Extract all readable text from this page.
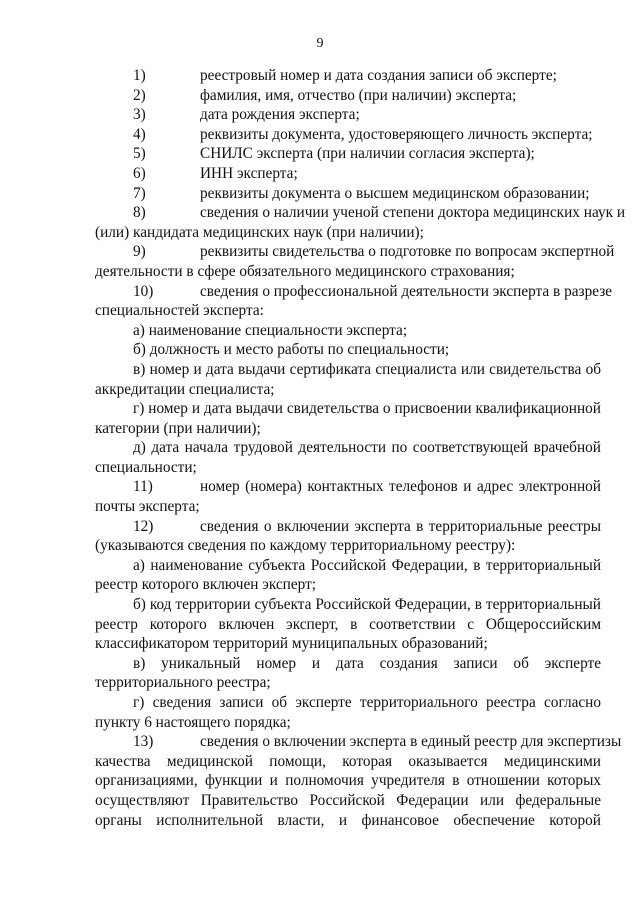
9
1)	реестровый номер и дата создания записи об эксперте;
2)	фамилия, имя, отчество (при наличии) эксперта;
3)	дата рождения эксперта;
4)	реквизиты документа, удостоверяющего личность эксперта;
5)	СНИЛС эксперта (при наличии согласия эксперта);
6)	ИНН эксперта;
7)	реквизиты документа о высшем медицинском образовании;
8)	сведения о наличии ученой степени доктора медицинских наук и
(или) кандидата медицинских наук (при наличии);
9)	реквизиты свидетельства о подготовке по вопросам экспертной
деятельности в сфере обязательного медицинского страхования;
10)	сведения о профессиональной деятельности эксперта в разрезе
специальностей эксперта:
а) наименование специальности эксперта;
б) должность и место работы по специальности;
в) номер и дата выдачи сертификата специалиста или свидетельства об
аккредитации специалиста;
г) номер и дата выдачи свидетельства о присвоении квалификационной
категории (при наличии);
д) дата начала трудовой деятельности по соответствующей врачебной
специальности;
11)	номер (номера) контактных телефонов и адрес электронной
почты эксперта;
12)	сведения о включении эксперта в территориальные реестры
(указываются сведения по каждому территориальному реестру):
а) наименование субъекта Российской Федерации, в территориальный
реестр которого включен эксперт;
б) код территории субъекта Российской Федерации, в территориальный
реестр которого включен эксперт, в соответствии с Общероссийским
классификатором территорий муниципальных образований;
в) уникальный номер и дата создания записи об эксперте
территориального реестра;
г) сведения записи об эксперте территориального реестра согласно
пункту 6 настоящего порядка;
13)	сведения о включении эксперта в единый реестр для экспертизы
качества медицинской помощи, которая оказывается медицинскими
организациями, функции и полномочия учредителя в отношении которых
осуществляют Правительство Российской Федерации или федеральные
органы исполнительной власти, и финансовое обеспечение которой
